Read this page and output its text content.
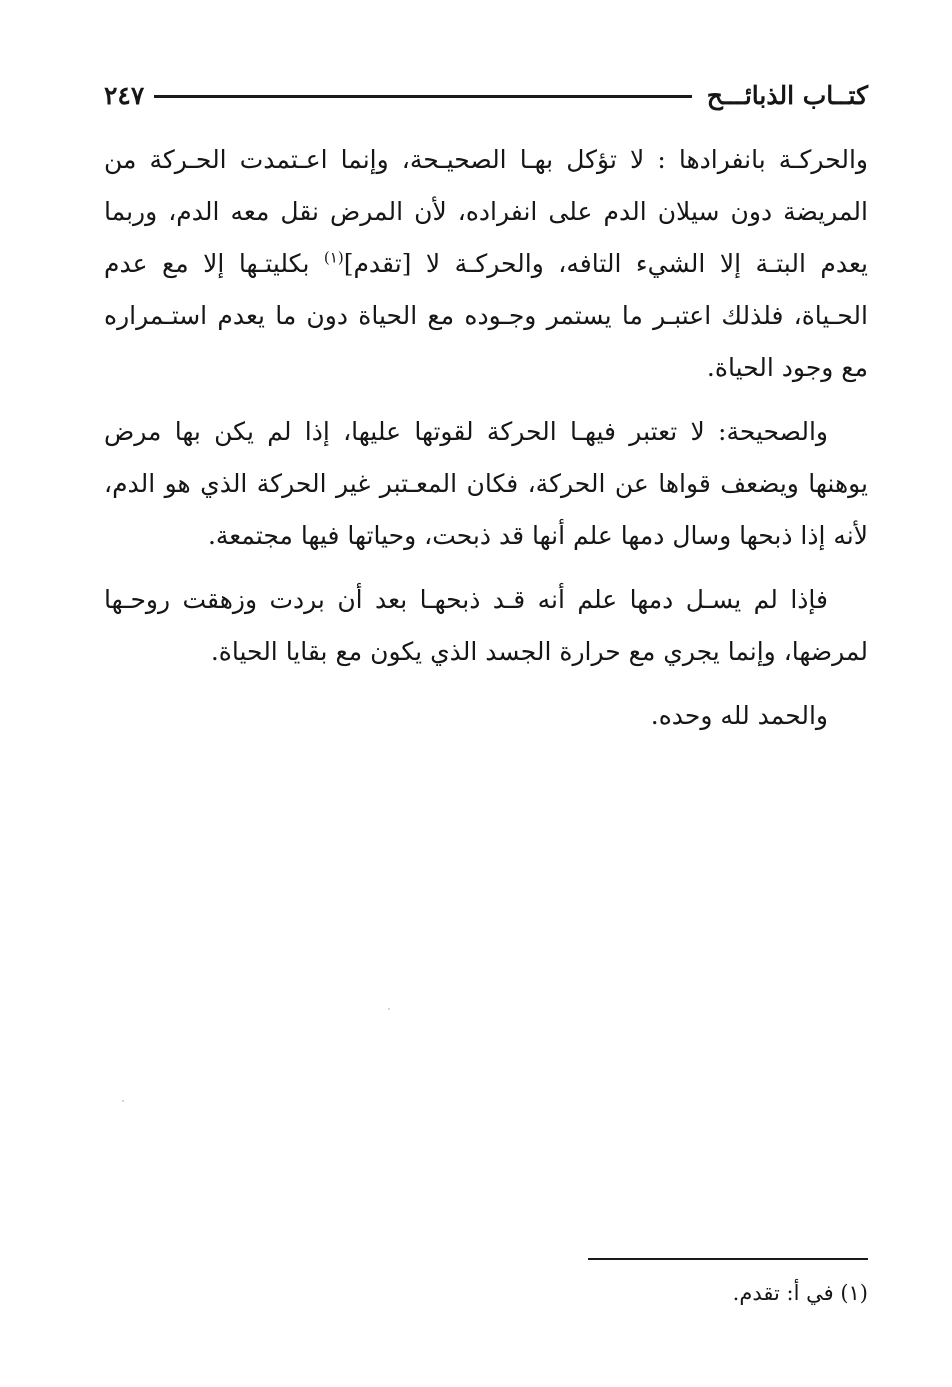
كتــاب الذبائـــح
٢٤٧

والحركـة بانفرادها : لا تؤكل بهـا الصحيـحة، وإنما اعـتمدت الحـركة من المريضة دون سيلان الدم على انفراده، لأن المرض نقل معه الدم، وربما يعدم البتـة إلا الشيء التافه، والحركـة لا [تقدم]$^{(١)}$ بكليتـها إلا مع عدم الحـياة، فلذلك اعتبـر ما يستمر وجـوده مع الحياة دون ما يعدم استـمراره مع وجود الحياة.

والصحيحة: لا تعتبر فيهـا الحركة لقوتها عليها، إذا لم يكن بها مرض يوهنها ويضعف قواها عن الحركة، فكان المعـتبر غير الحركة الذي هو الدم، لأنه إذا ذبحها وسال دمها علم أنها قد ذبحت، وحياتها فيها مجتمعة.

فإذا لم يسـل دمها علم أنه قـد ذبحهـا بعد أن بردت وزهقت روحـها لمرضها، وإنما يجري مع حرارة الجسد الذي يكون مع بقايا الحياة.

والحمد لله وحده.

(١) في أ: تقدم.
